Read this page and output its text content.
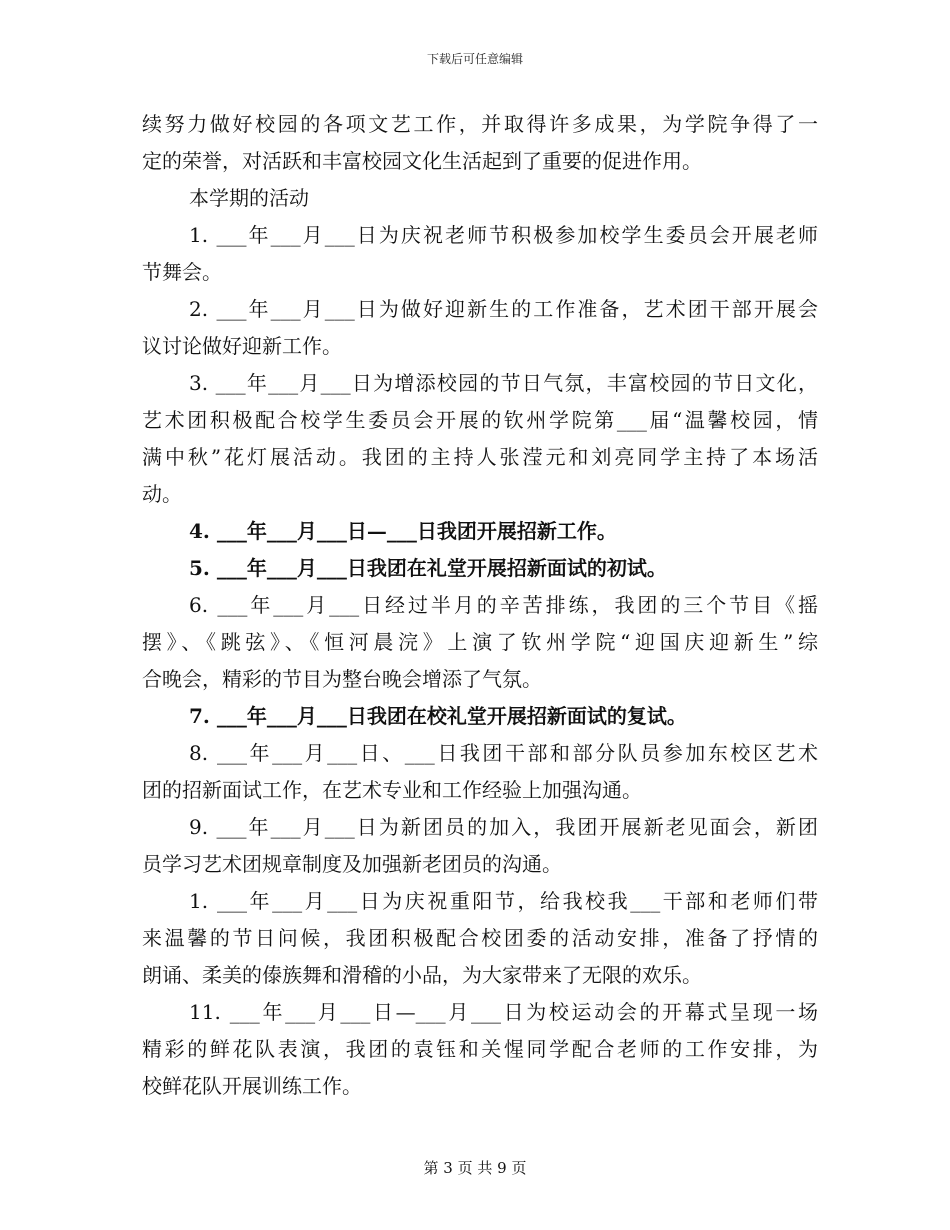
下载后可任意编辑
续努力做好校园的各项文艺工作，并取得许多成果，为学院争得了一
定的荣誉，对活跃和丰富校园文化生活起到了重要的促进作用。
本学期的活动
1. ___年___月___日为庆祝老师节积极参加校学生委员会开展老师
节舞会。
2. ___年___月___日为做好迎新生的工作准备，艺术团干部开展会
议讨论做好迎新工作。
3. ___年___月___日为增添校园的节日气氛，丰富校园的节日文化，
艺术团积极配合校学生委员会开展的钦州学院第___届“温馨校园，情
满中秋”花灯展活动。我团的主持人张滢元和刘亮同学主持了本场活
动。
4. ___年___月___日—___日我团开展招新工作。
5. ___年___月___日我团在礼堂开展招新面试的初试。
6. ___年___月___日经过半月的辛苦排练，我团的三个节目《摇
摆》、《跳弦》、《恒河晨浣》上演了钦州学院“迎国庆迎新生”综
合晚会，精彩的节目为整台晚会增添了气氛。
7. ___年___月___日我团在校礼堂开展招新面试的复试。
8. ___年___月___日、___日我团干部和部分队员参加东校区艺术
团的招新面试工作，在艺术专业和工作经验上加强沟通。
9. ___年___月___日为新团员的加入，我团开展新老见面会，新团
员学习艺术团规章制度及加强新老团员的沟通。
1. ___年___月___日为庆祝重阳节，给我校我___干部和老师们带
来温馨的节日问候，我团积极配合校团委的活动安排，准备了抒情的
朗诵、柔美的傣族舞和滑稽的小品，为大家带来了无限的欢乐。
11. ___年___月___日—___月___日为校运动会的开幕式呈现一场
精彩的鲜花队表演，我团的袁钰和关惺同学配合老师的工作安排，为
校鲜花队开展训练工作。
第 3 页 共 9 页
